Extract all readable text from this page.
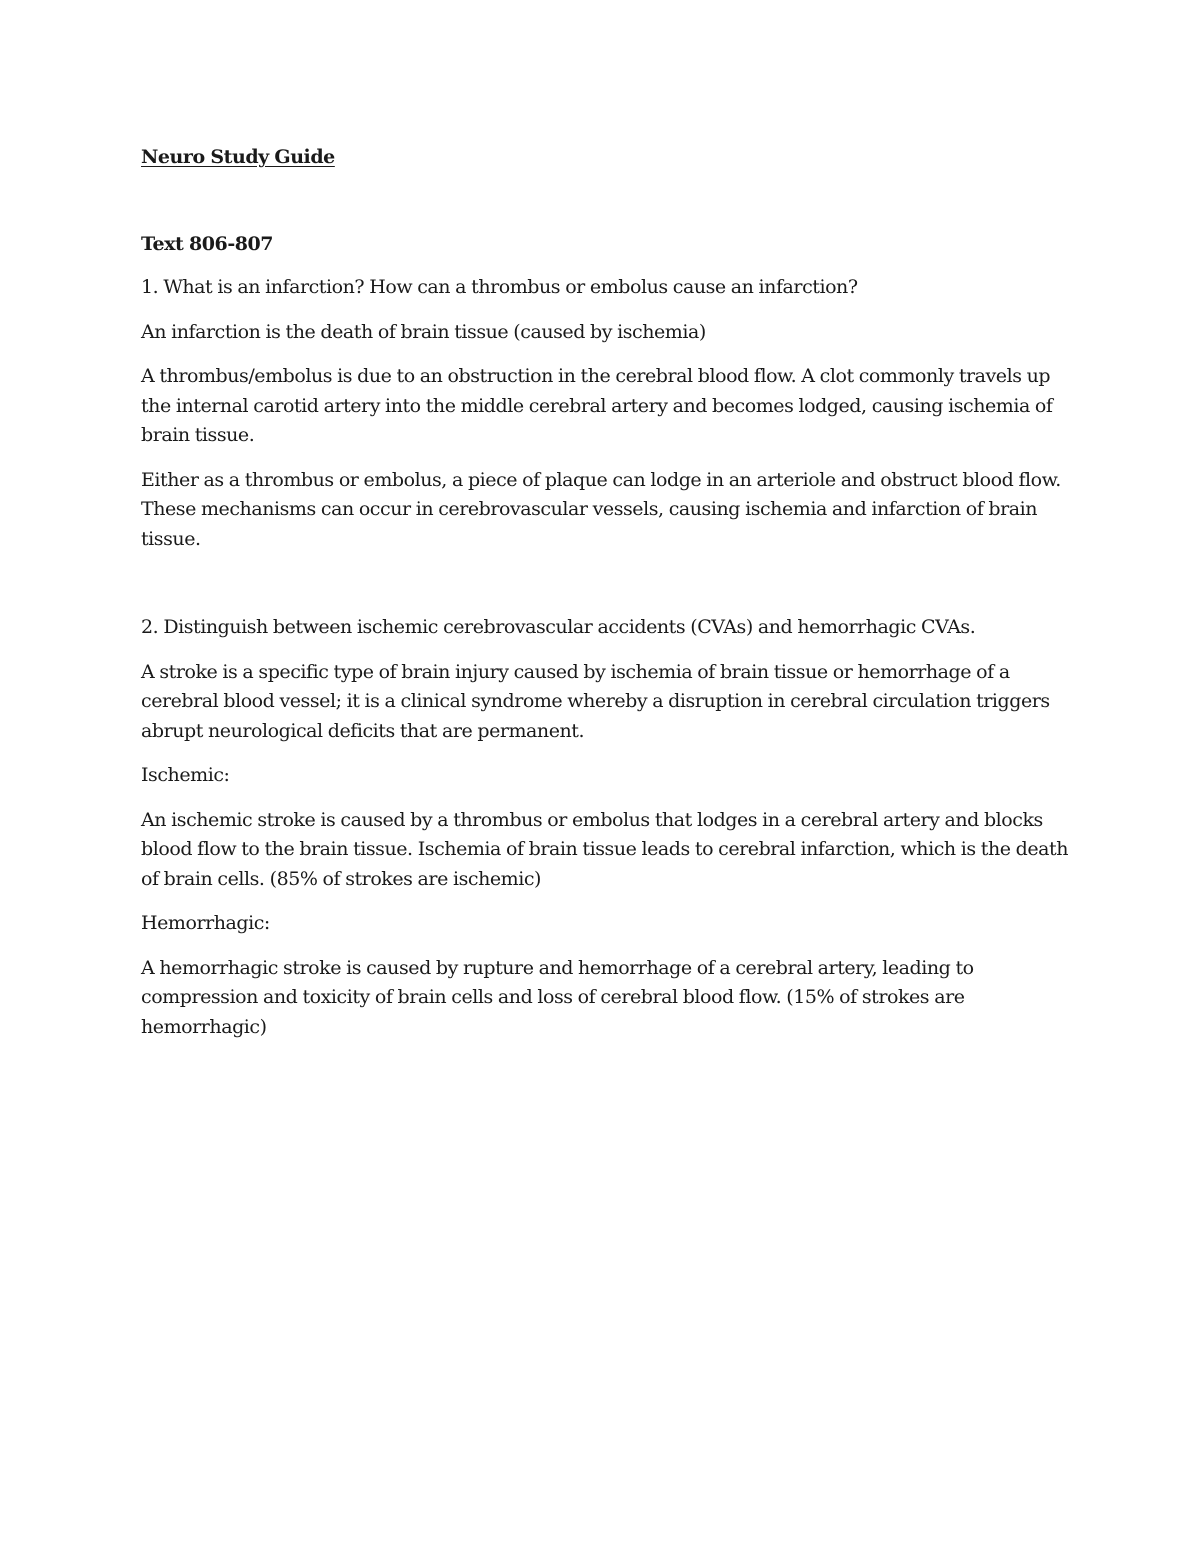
Neuro Study Guide

Text 806-807

1. What is an infarction? How can a thrombus or embolus cause an infarction?

An infarction is the death of brain tissue (caused by ischemia)

A thrombus/embolus is due to an obstruction in the cerebral blood flow. A clot commonly travels up the internal carotid artery into the middle cerebral artery and becomes lodged, causing ischemia of brain tissue.

Either as a thrombus or embolus, a piece of plaque can lodge in an arteriole and obstruct blood flow. These mechanisms can occur in cerebrovascular vessels, causing ischemia and infarction of brain tissue.

2. Distinguish between ischemic cerebrovascular accidents (CVAs) and hemorrhagic CVAs.

A stroke is a specific type of brain injury caused by ischemia of brain tissue or hemorrhage of a cerebral blood vessel; it is a clinical syndrome whereby a disruption in cerebral circulation triggers abrupt neurological deficits that are permanent.

Ischemic:

An ischemic stroke is caused by a thrombus or embolus that lodges in a cerebral artery and blocks blood flow to the brain tissue. Ischemia of brain tissue leads to cerebral infarction, which is the death of brain cells. (85% of strokes are ischemic)

Hemorrhagic:

A hemorrhagic stroke is caused by rupture and hemorrhage of a cerebral artery, leading to compression and toxicity of brain cells and loss of cerebral blood flow. (15% of strokes are hemorrhagic)
